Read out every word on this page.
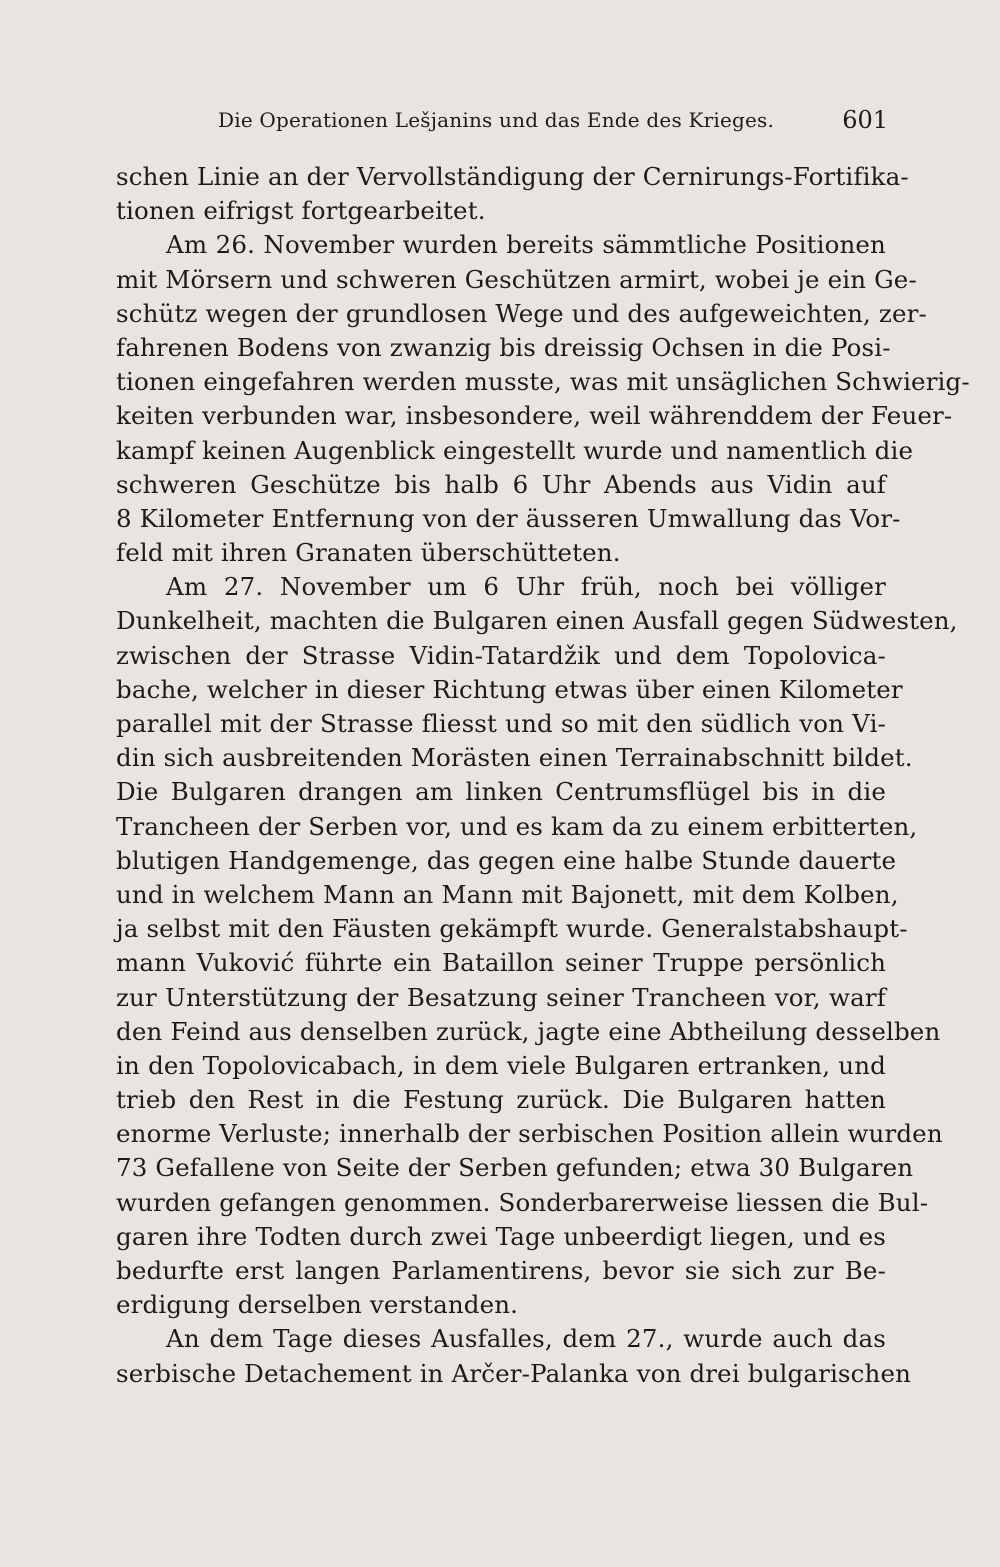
Die Operationen Lešjanins und das Ende des Krieges.	601
schen Linie an der Vervollständigung der Cernirungs-Fortifika-
tionen eifrigst fortgearbeitet.
Am 26. November wurden bereits sämmtliche Positionen
mit Mörsern und schweren Geschützen armirt, wobei je ein Ge-
schütz wegen der grundlosen Wege und des aufgeweichten, zer-
fahrenen Bodens von zwanzig bis dreissig Ochsen in die Posi-
tionen eingefahren werden musste, was mit unsäglichen Schwierig-
keiten verbunden war, insbesondere, weil währenddem der Feuer-
kampf keinen Augenblick eingestellt wurde und namentlich die
schweren Geschütze bis halb 6 Uhr Abends aus Vidin auf
8 Kilometer Entfernung von der äusseren Umwallung das Vor-
feld mit ihren Granaten überschütteten.
Am 27. November um 6 Uhr früh, noch bei völliger
Dunkelheit, machten die Bulgaren einen Ausfall gegen Südwesten,
zwischen der Strasse Vidin-Tatardžik und dem Topolovica-
bache, welcher in dieser Richtung etwas über einen Kilometer
parallel mit der Strasse fliesst und so mit den südlich von Vi-
din sich ausbreitenden Morästen einen Terrainabschnitt bildet.
Die Bulgaren drangen am linken Centrumsflügel bis in die
Trancheen der Serben vor, und es kam da zu einem erbitterten,
blutigen Handgemenge, das gegen eine halbe Stunde dauerte
und in welchem Mann an Mann mit Bajonett, mit dem Kolben,
ja selbst mit den Fäusten gekämpft wurde. Generalstabshaupt-
mann Vuković führte ein Bataillon seiner Truppe persönlich
zur Unterstützung der Besatzung seiner Trancheen vor, warf
den Feind aus denselben zurück, jagte eine Abtheilung desselben
in den Topolovicabach, in dem viele Bulgaren ertranken, und
trieb den Rest in die Festung zurück. Die Bulgaren hatten
enorme Verluste; innerhalb der serbischen Position allein wurden
73 Gefallene von Seite der Serben gefunden; etwa 30 Bulgaren
wurden gefangen genommen. Sonderbarerweise liessen die Bul-
garen ihre Todten durch zwei Tage unbeerdigt liegen, und es
bedurfte erst langen Parlamentirens, bevor sie sich zur Be-
erdigung derselben verstanden.
An dem Tage dieses Ausfalles, dem 27., wurde auch das
serbische Detachement in Arčer-Palanka von drei bulgarischen
